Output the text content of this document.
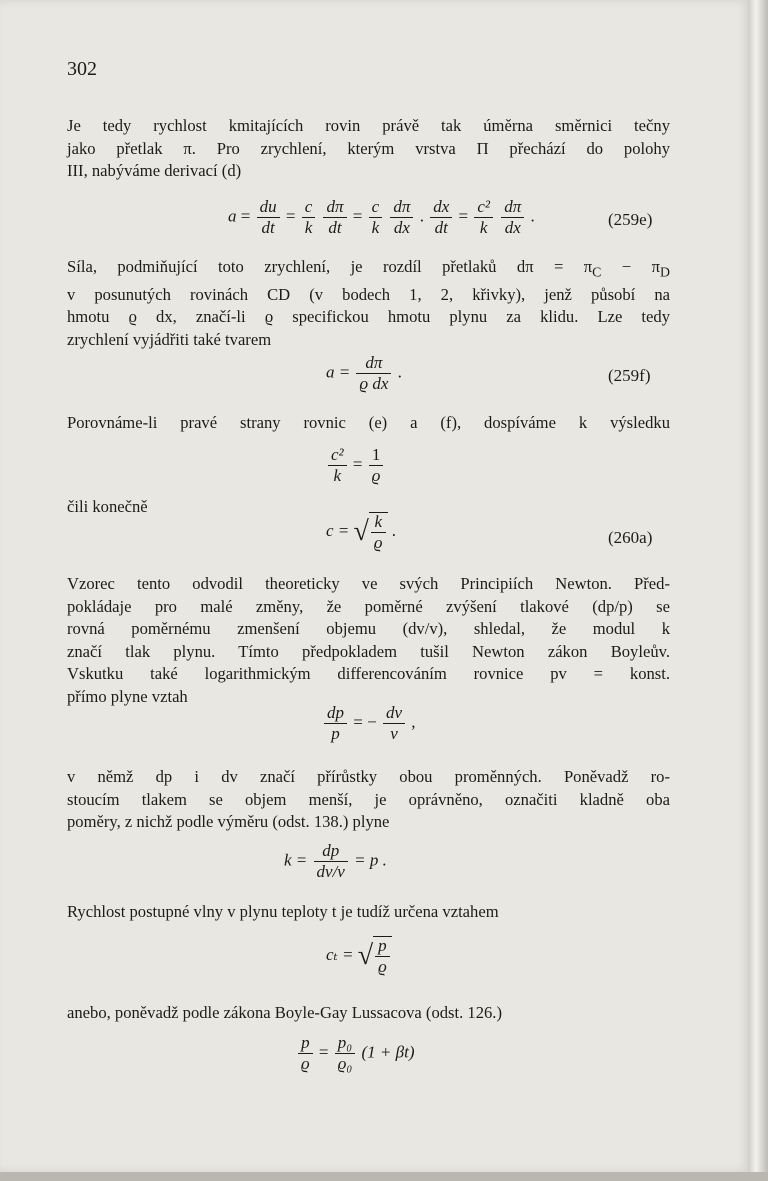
302
Je tedy rychlost kmitajících rovin právě tak úměrna směrnici tečny
jako přetlak π. Pro zrychlení, kterým vrstva Π přechází do polohy
III, nabýváme derivací (d)
$a = \frac{du}{dt} = \frac{c}{k}$
$\frac{d\pi}{dt} = \frac{c}{k}$
$\frac{d\pi}{dx}$ . $\frac{dx}{dt} = \frac{\text{c²}}{k}$
$\frac{d\pi}{dx}$ .	(259e)
Síla, podmiňující toto zrychlení, je rozdíl přetlaků $d\pi = \pi_C - \pi_D$
v posunutých rovinách CD (v bodech 1, 2, křivky), jenž působí na
hmotu ϱ dx, značí-li ϱ specifickou hmotu plynu za klidu. Lze tedy
zrychlení vyjádřiti také tvarem
$a = \frac{d\pi}{\text{ϱ dx}}$ .	(259f)
Porovnáme-li pravé strany rovnic (e) a (f), dospíváme k výsledku
$\frac{\text{c²}}{k} = \frac{1}{ϱ}$
čili konečně
c = √ $\frac{k}{ϱ}$ .	(260a)
Vzorec tento odvodil theoreticky ve svých Principiích Newton. Před-
pokládaje pro malé změny, že poměrné zvýšení tlakové (dp/p) se
rovná poměrnému zmenšení objemu (dv/v), shledal, že modul k
značí tlak plynu. Tímto předpokladem tušil Newton zákon Boyleův.
Vskutku také logarithmickým differencováním rovnice pv = konst.
přímo plyne vztah
$\frac{dp}{p}$ = − $\frac{dv}{v}$ ,
v němž dp i dv značí přírůstky obou proměnných. Poněvadž ro-
stoucím tlakem se objem menší, je oprávněno, označiti kladně oba
poměry, z nichž podle výměru (odst. 138.) plyne
$k = \frac{dp}{dv/v} = p$ .
Rychlost postupné vlny v plynu teploty t je tudíž určena vztahem
cₜ = √ $\frac{p}{ϱ}$
anebo, poněvadž podle zákona Boyle-Gay Lussacova (odst. 126.)
$\frac{p}{ϱ} = \frac{\text{p₀}}{\text{ϱ₀}} (1 + \beta t)$
